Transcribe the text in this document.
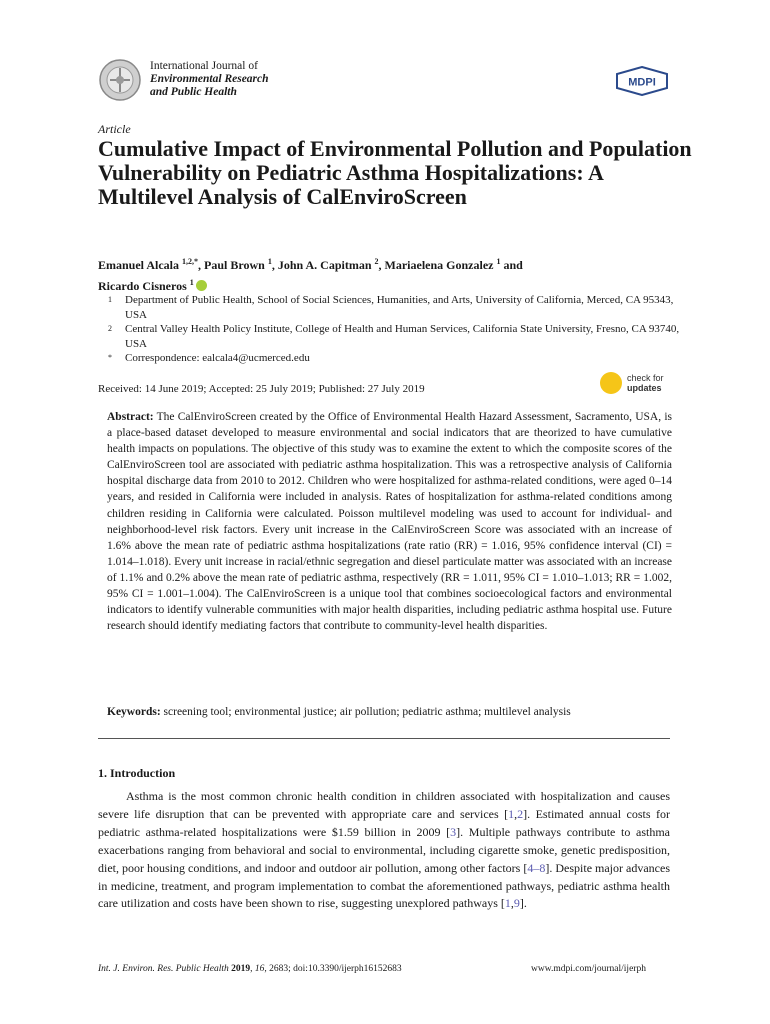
International Journal of
Environmental Research
and Public Health
MDPI
Article
Cumulative Impact of Environmental Pollution and Population Vulnerability on Pediatric Asthma Hospitalizations: A Multilevel Analysis of CalEnviroScreen
Emanuel Alcala $^{1,2,*}$, Paul Brown $^1$, John A. Capitman $^2$, Mariaelena Gonzalez $^1$ and
Ricardo Cisneros $^1$
1	Department of Public Health, School of Social Sciences, Humanities, and Arts, University of California, Merced, CA 95343, USA
2	Central Valley Health Policy Institute, College of Health and Human Services, California State University, Fresno, CA 93740, USA
*	Correspondence: ealcala4@ucmerced.edu
Received: 14 June 2019; Accepted: 25 July 2019; Published: 27 July 2019
check for
updates
Abstract: The CalEnviroScreen created by the Office of Environmental Health Hazard Assessment, Sacramento, USA, is a place-based dataset developed to measure environmental and social indicators that are theorized to have cumulative health impacts on populations. The objective of this study was to examine the extent to which the composite scores of the CalEnviroScreen tool are associated with pediatric asthma hospitalization. This was a retrospective analysis of California hospital discharge data from 2010 to 2012. Children who were hospitalized for asthma-related conditions, were aged 0–14 years, and resided in California were included in analysis. Rates of hospitalization for asthma-related conditions among children residing in California were calculated. Poisson multilevel modeling was used to account for individual- and neighborhood-level risk factors. Every unit increase in the CalEnviroScreen Score was associated with an increase of 1.6% above the mean rate of pediatric asthma hospitalizations (rate ratio (RR) = 1.016, 95% confidence interval (CI) = 1.014–1.018). Every unit increase in racial/ethnic segregation and diesel particulate matter was associated with an increase of 1.1% and 0.2% above the mean rate of pediatric asthma, respectively (RR = 1.011, 95% CI = 1.010–1.013; RR = 1.002, 95% CI = 1.001–1.004). The CalEnviroScreen is a unique tool that combines socioecological factors and environmental indicators to identify vulnerable communities with major health disparities, including pediatric asthma hospital use. Future research should identify mediating factors that contribute to community-level health disparities.
Keywords: screening tool; environmental justice; air pollution; pediatric asthma; multilevel analysis
1. Introduction
Asthma is the most common chronic health condition in children associated with hospitalization and causes severe life disruption that can be prevented with appropriate care and services [1,2]. Estimated annual costs for pediatric asthma-related hospitalizations were $1.59 billion in 2009 [3]. Multiple pathways contribute to asthma exacerbations ranging from behavioral and social to environmental, including cigarette smoke, genetic predisposition, diet, poor housing conditions, and indoor and outdoor air pollution, among other factors [4–8]. Despite major advances in medicine, treatment, and program implementation to combat the aforementioned pathways, pediatric asthma health care utilization and costs have been shown to rise, suggesting unexplored pathways [1,9].
Int. J. Environ. Res. Public Health 2019, 16, 2683; doi:10.3390/ijerph16152683	www.mdpi.com/journal/ijerph
